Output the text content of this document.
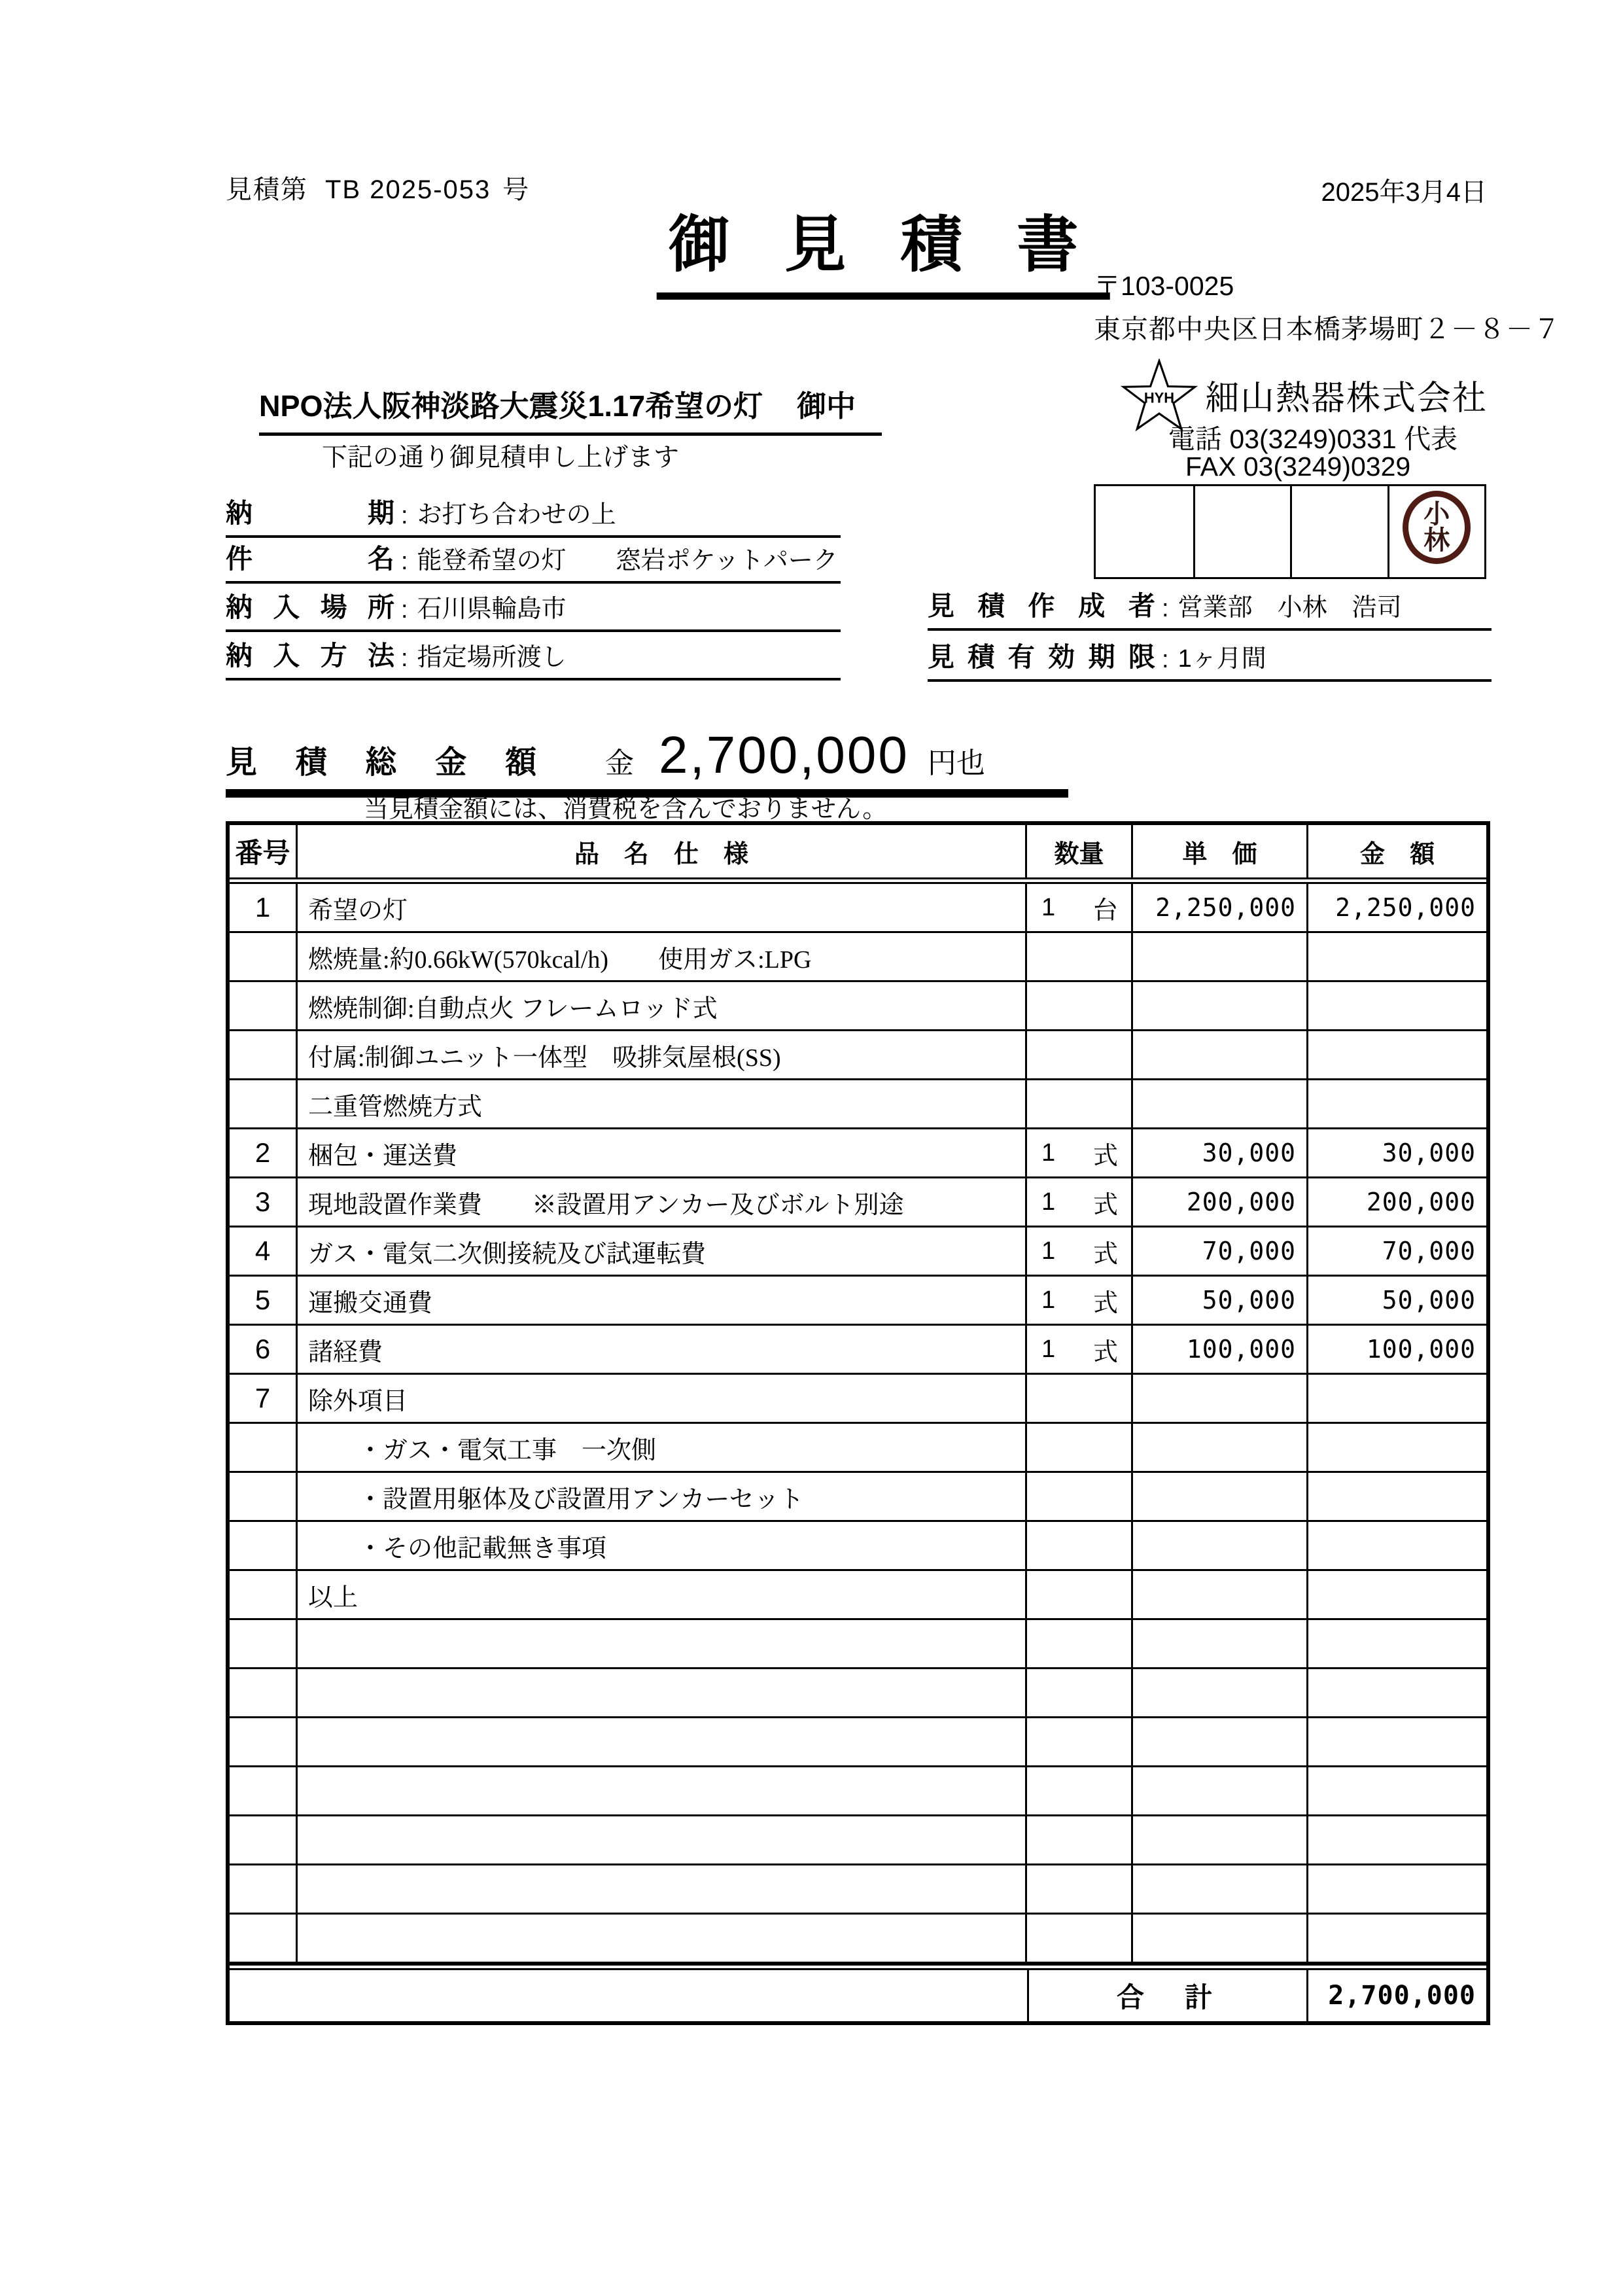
見積第 TB 2025-053 号	2025年3月4日
御 見 積 書
〒103-0025
東京都中央区日本橋茅場町２－８－７
HYH 細山熱器株式会社
電話 03(3249)0331 代表
FAX 03(3249)0329
NPO法人阪神淡路大震災1.17希望の灯 御中
下記の通り御見積申し上げます
小
林
納　期 : お打ち合わせの上
件　名 : 能登希望の灯　　窓岩ポケットパーク
納入場所 : 石川県輪島市
納入方法 : 指定場所渡し
見積作成者 : 営業部　小林　浩司
見積有効期限 : 1ヶ月間
見積総金額 金 2,700,000 円也
当見積金額には、消費税を含んでおりません。
番号	品　名　仕　様	数量	単　価	金　額
1	希望の灯	1 台	2,250,000	2,250,000
燃焼量:約0.66kW(570kcal/h)　　使用ガス:LPG
燃焼制御:自動点火 フレームロッド式
付属:制御ユニット一体型　吸排気屋根(SS)
二重管燃焼方式
2	梱包・運送費	1 式	30,000	30,000
3	現地設置作業費　　※設置用アンカー及びボルト別途	1 式	200,000	200,000
4	ガス・電気二次側接続及び試運転費	1 式	70,000	70,000
5	運搬交通費	1 式	50,000	50,000
6	諸経費	1 式	100,000	100,000
7	除外項目
・ガス・電気工事　一次側
・設置用躯体及び設置用アンカーセット
・その他記載無き事項
以上
合　計	2,700,000
